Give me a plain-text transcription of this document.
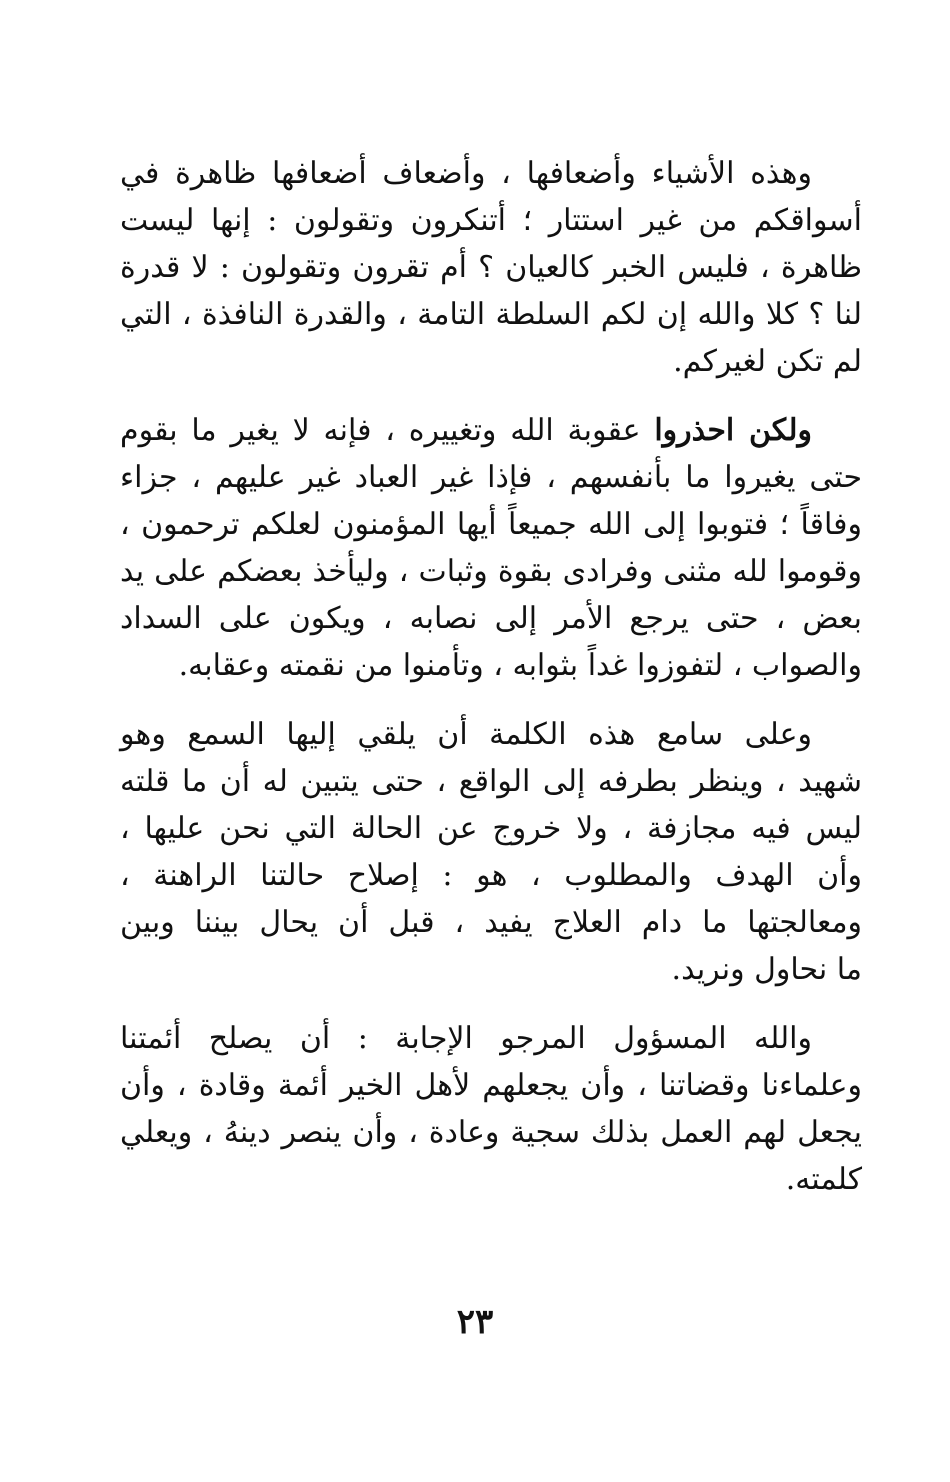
وهذه الأشياء وأضعافها ، وأضعاف أضعافها ظاهرة في
أسواقكم من غير استتار ؛ أتنكرون وتقولون : إنها ليست
ظاهرة ، فليس الخبر كالعيان ؟ أم تقرون وتقولون : لا قدرة
لنا ؟ كلا والله إن لكم السلطة التامة ، والقدرة النافذة ، التي
لم تكن لغيركم.

ولكن احذروا عقوبة الله وتغييره ، فإنه لا يغير ما بقوم
حتى يغيروا ما بأنفسهم ، فإذا غير العباد غير عليهم ، جزاء
وفاقاً ؛ فتوبوا إلى الله جميعاً أيها المؤمنون لعلكم ترحمون ،
وقوموا لله مثنى وفرادى بقوة وثبات ، وليأخذ بعضكم على يد
بعض ، حتى يرجع الأمر إلى نصابه ، ويكون على السداد
والصواب ، لتفوزوا غداً بثوابه ، وتأمنوا من نقمته وعقابه.

وعلى سامع هذه الكلمة أن يلقي إليها السمع وهو
شهيد ، وينظر بطرفه إلى الواقع ، حتى يتبين له أن ما قلته
ليس فيه مجازفة ، ولا خروج عن الحالة التي نحن عليها ،
وأن الهدف والمطلوب ، هو : إصلاح حالتنا الراهنة ،
ومعالجتها ما دام العلاج يفيد ، قبل أن يحال بيننا وبين
ما نحاول ونريد.

والله المسؤول المرجو الإجابة : أن يصلح أئمتنا
وعلماءنا وقضاتنا ، وأن يجعلهم لأهل الخير أئمة وقادة ، وأن
يجعل لهم العمل بذلك سجية وعادة ، وأن ينصر دينهُ ، ويعلي
كلمته.

٢٣
